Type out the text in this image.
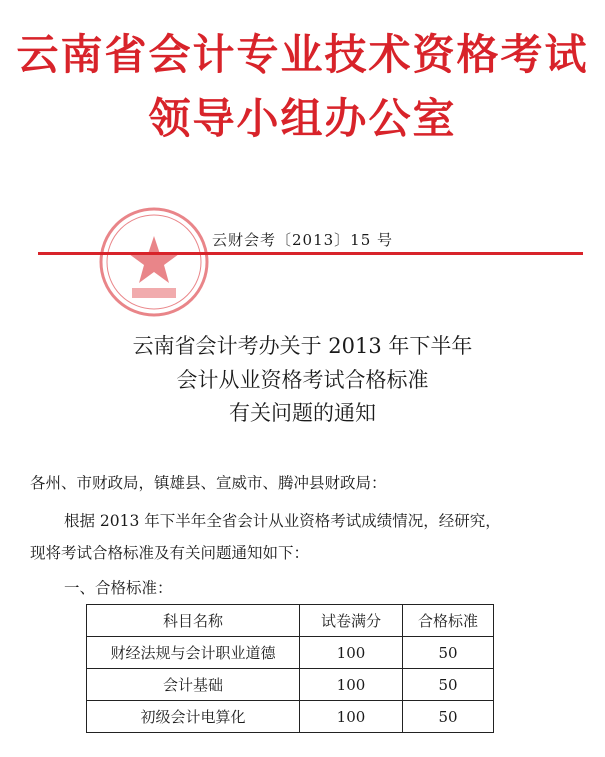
云南省会计专业技术资格考试
领导小组办公室
云财会考〔2013〕15 号
云南省会计考办关于 2013 年下半年
会计从业资格考试合格标准
有关问题的通知
各州、市财政局，镇雄县、宣威市、腾冲县财政局：
根据 2013 年下半年全省会计从业资格考试成绩情况，经研究，
现将考试合格标准及有关问题通知如下：
一、合格标准：
科目名称	试卷满分	合格标准
财经法规与会计职业道德	100	50
会计基础	100	50
初级会计电算化	100	50
